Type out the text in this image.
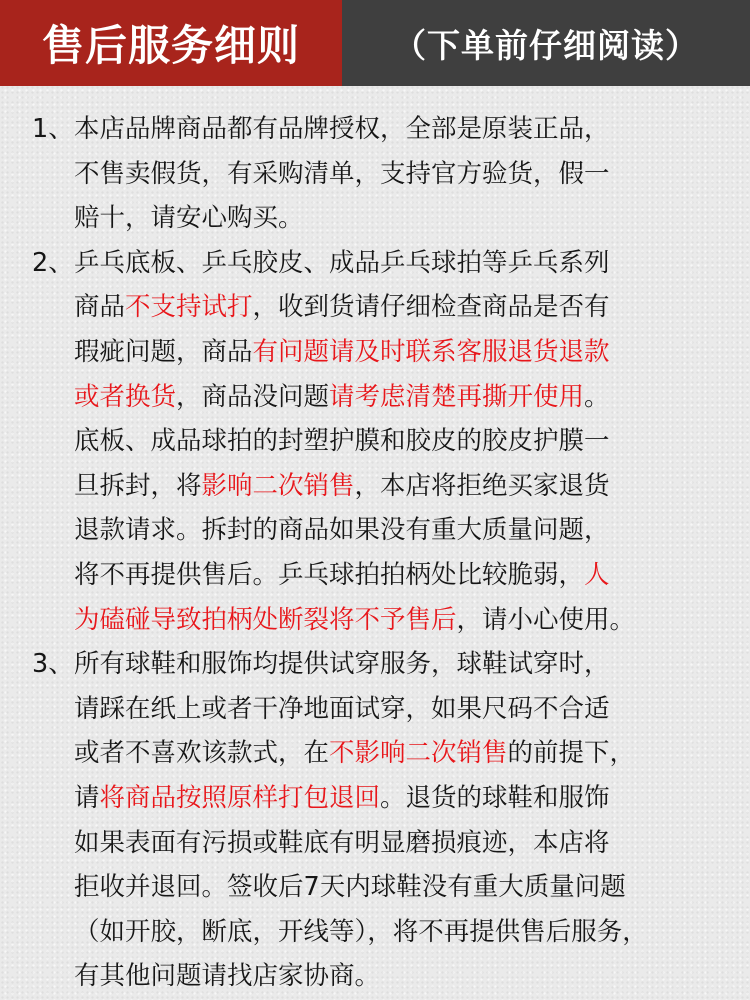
售后服务细则	（下单前仔细阅读）
1、 本店品牌商品都有品牌授权，全部是原装正品，
不售卖假货，有采购清单，支持官方验货，假一
赔十，请安心购买。
2、 乒乓底板、乒乓胶皮、成品乒乓球拍等乒乓系列
商品不支持试打，收到货请仔细检查商品是否有
瑕疵问题，商品有问题请及时联系客服退货退款
或者换货，商品没问题请考虑清楚再撕开使用。
底板、成品球拍的封塑护膜和胶皮的胶皮护膜一
旦拆封，将影响二次销售，本店将拒绝买家退货
退款请求。拆封的商品如果没有重大质量问题，
将不再提供售后。乒乓球拍拍柄处比较脆弱，人
为磕碰导致拍柄处断裂将不予售后，请小心使用。
3、 所有球鞋和服饰均提供试穿服务，球鞋试穿时，
请踩在纸上或者干净地面试穿，如果尺码不合适
或者不喜欢该款式，在不影响二次销售的前提下，
请将商品按照原样打包退回。退货的球鞋和服饰
如果表面有污损或鞋底有明显磨损痕迹，本店将
拒收并退回。签收后7天内球鞋没有重大质量问题
（如开胶，断底，开线等），将不再提供售后服务，
有其他问题请找店家协商。
